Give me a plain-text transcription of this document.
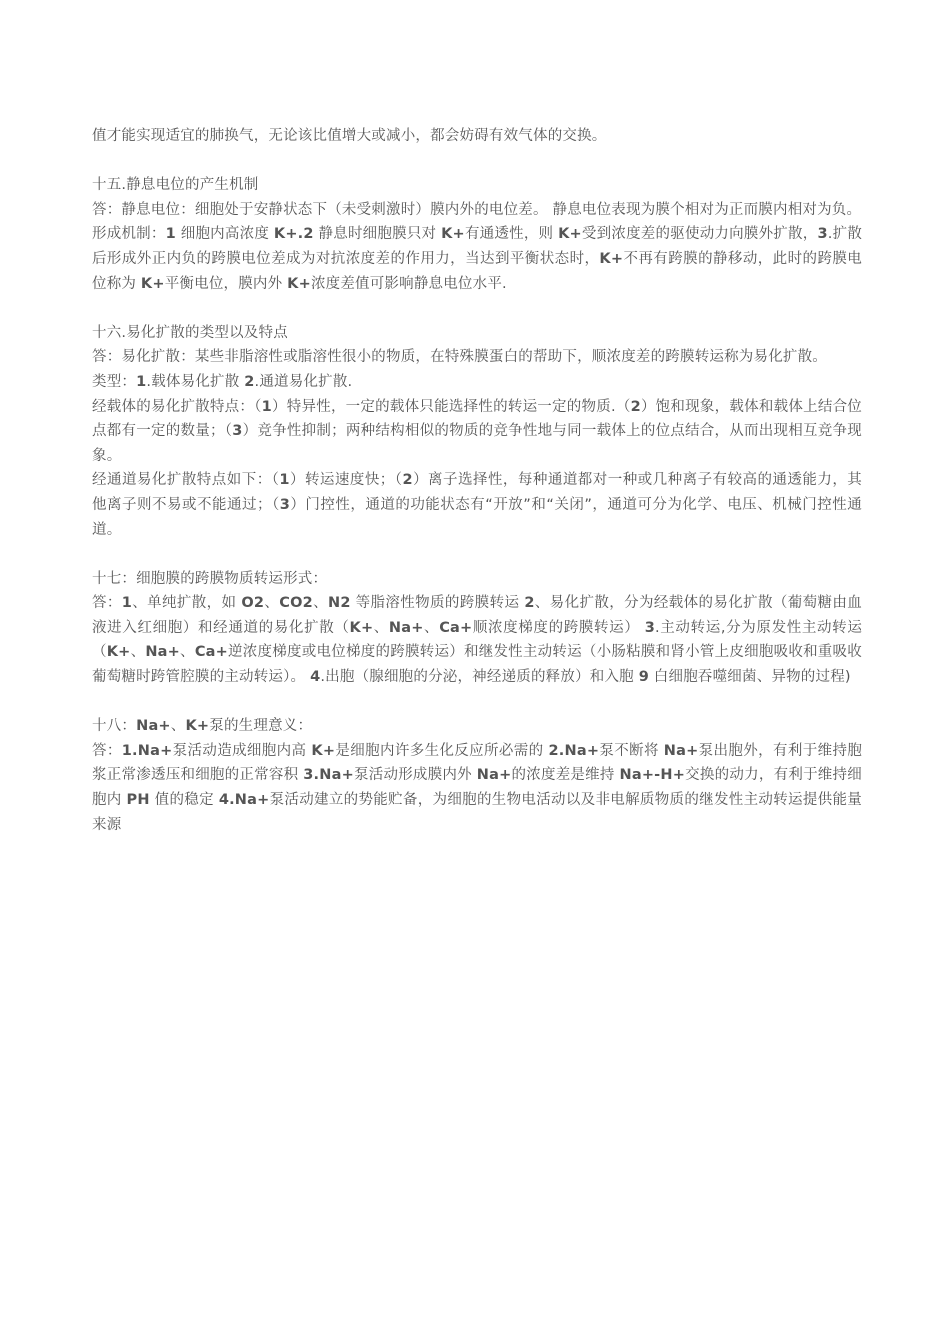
值才能实现适宜的肺换气，无论该比值增大或减小，都会妨碍有效气体的交换。

十五.静息电位的产生机制

答：静息电位：细胞处于安静状态下（未受刺激时）膜内外的电位差。 静息电位表现为膜个相对为正而膜内相对为负。

形成机制：1 细胞内高浓度 K+.2 静息时细胞膜只对 K+有通透性，则 K+受到浓度差的驱使动力向膜外扩散，3.扩散后形成外正内负的跨膜电位差成为对抗浓度差的作用力，当达到平衡状态时，K+不再有跨膜的静移动，此时的跨膜电位称为 K+平衡电位，膜内外 K+浓度差值可影响静息电位水平.

十六.易化扩散的类型以及特点

答：易化扩散：某些非脂溶性或脂溶性很小的物质，在特殊膜蛋白的帮助下，顺浓度差的跨膜转运称为易化扩散。

类型：1.载体易化扩散 2.通道易化扩散.

经载体的易化扩散特点：（1）特异性，一定的载体只能选择性的转运一定的物质.（2）饱和现象，载体和载体上结合位点都有一定的数量；（3）竞争性抑制；两种结构相似的物质的竞争性地与同一载体上的位点结合，从而出现相互竞争现象。

经通道易化扩散特点如下：（1）转运速度快；（2）离子选择性，每种通道都对一种或几种离子有较高的通透能力，其他离子则不易或不能通过；（3）门控性，通道的功能状态有“开放”和“关闭”，通道可分为化学、电压、机械门控性通道。

十七：细胞膜的跨膜物质转运形式：

答：1、单纯扩散，如 O2、CO2、N2 等脂溶性物质的跨膜转运 2、易化扩散，分为经载体的易化扩散（葡萄糖由血液进入红细胞）和经通道的易化扩散（K+、Na+、Ca+顺浓度梯度的跨膜转运） 3.主动转运,分为原发性主动转运（K+、Na+、Ca+逆浓度梯度或电位梯度的跨膜转运）和继发性主动转运（小肠粘膜和肾小管上皮细胞吸收和重吸收葡萄糖时跨管腔膜的主动转运）。 4.出胞（腺细胞的分泌，神经递质的释放）和入胞 9 白细胞吞噬细菌、异物的过程)

十八：Na+、K+泵的生理意义：

答：1.Na+泵活动造成细胞内高 K+是细胞内许多生化反应所必需的 2.Na+泵不断将 Na+泵出胞外，有利于维持胞浆正常渗透压和细胞的正常容积 3.Na+泵活动形成膜内外 Na+的浓度差是维持 Na+-H+交换的动力，有利于维持细胞内 PH 值的稳定 4.Na+泵活动建立的势能贮备，为细胞的生物电活动以及非电解质物质的继发性主动转运提供能量 来源
